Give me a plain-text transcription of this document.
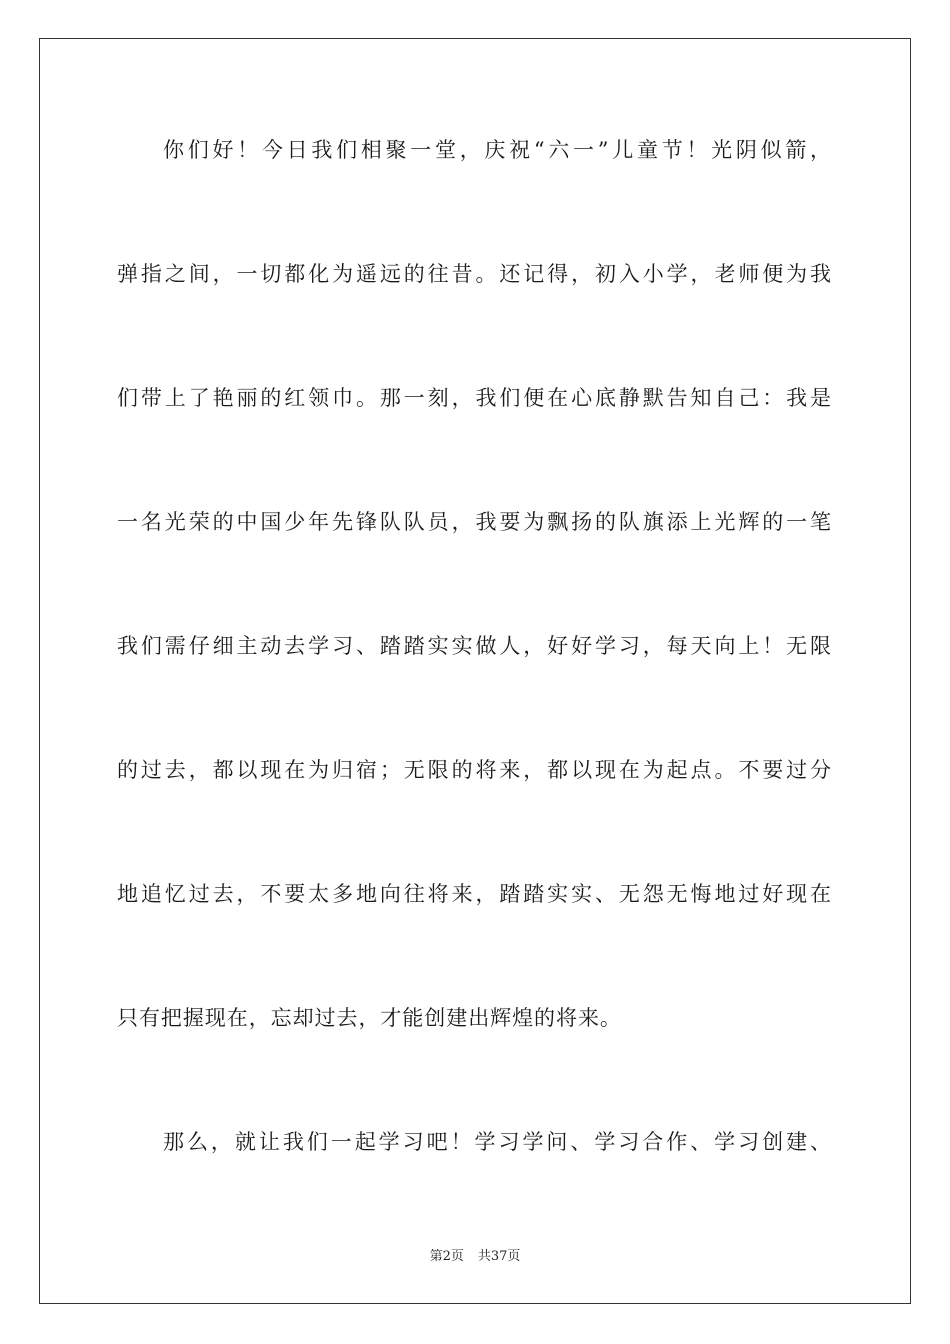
你们好！今日我们相聚一堂，庆祝“六一”儿童节！光阴似箭，
弹指之间，一切都化为遥远的往昔。还记得，初入小学，老师便为我
们带上了艳丽的红领巾。那一刻，我们便在心底静默告知自己：我是
一名光荣的中国少年先锋队队员，我要为飘扬的队旗添上光辉的一笔
我们需仔细主动去学习、踏踏实实做人，好好学习，每天向上！无限
的过去，都以现在为归宿；无限的将来，都以现在为起点。不要过分
地追忆过去，不要太多地向往将来，踏踏实实、无怨无悔地过好现在
只有把握现在，忘却过去，才能创建出辉煌的将来。
那么，就让我们一起学习吧！学习学问、学习合作、学习创建、
第2页 共37页
